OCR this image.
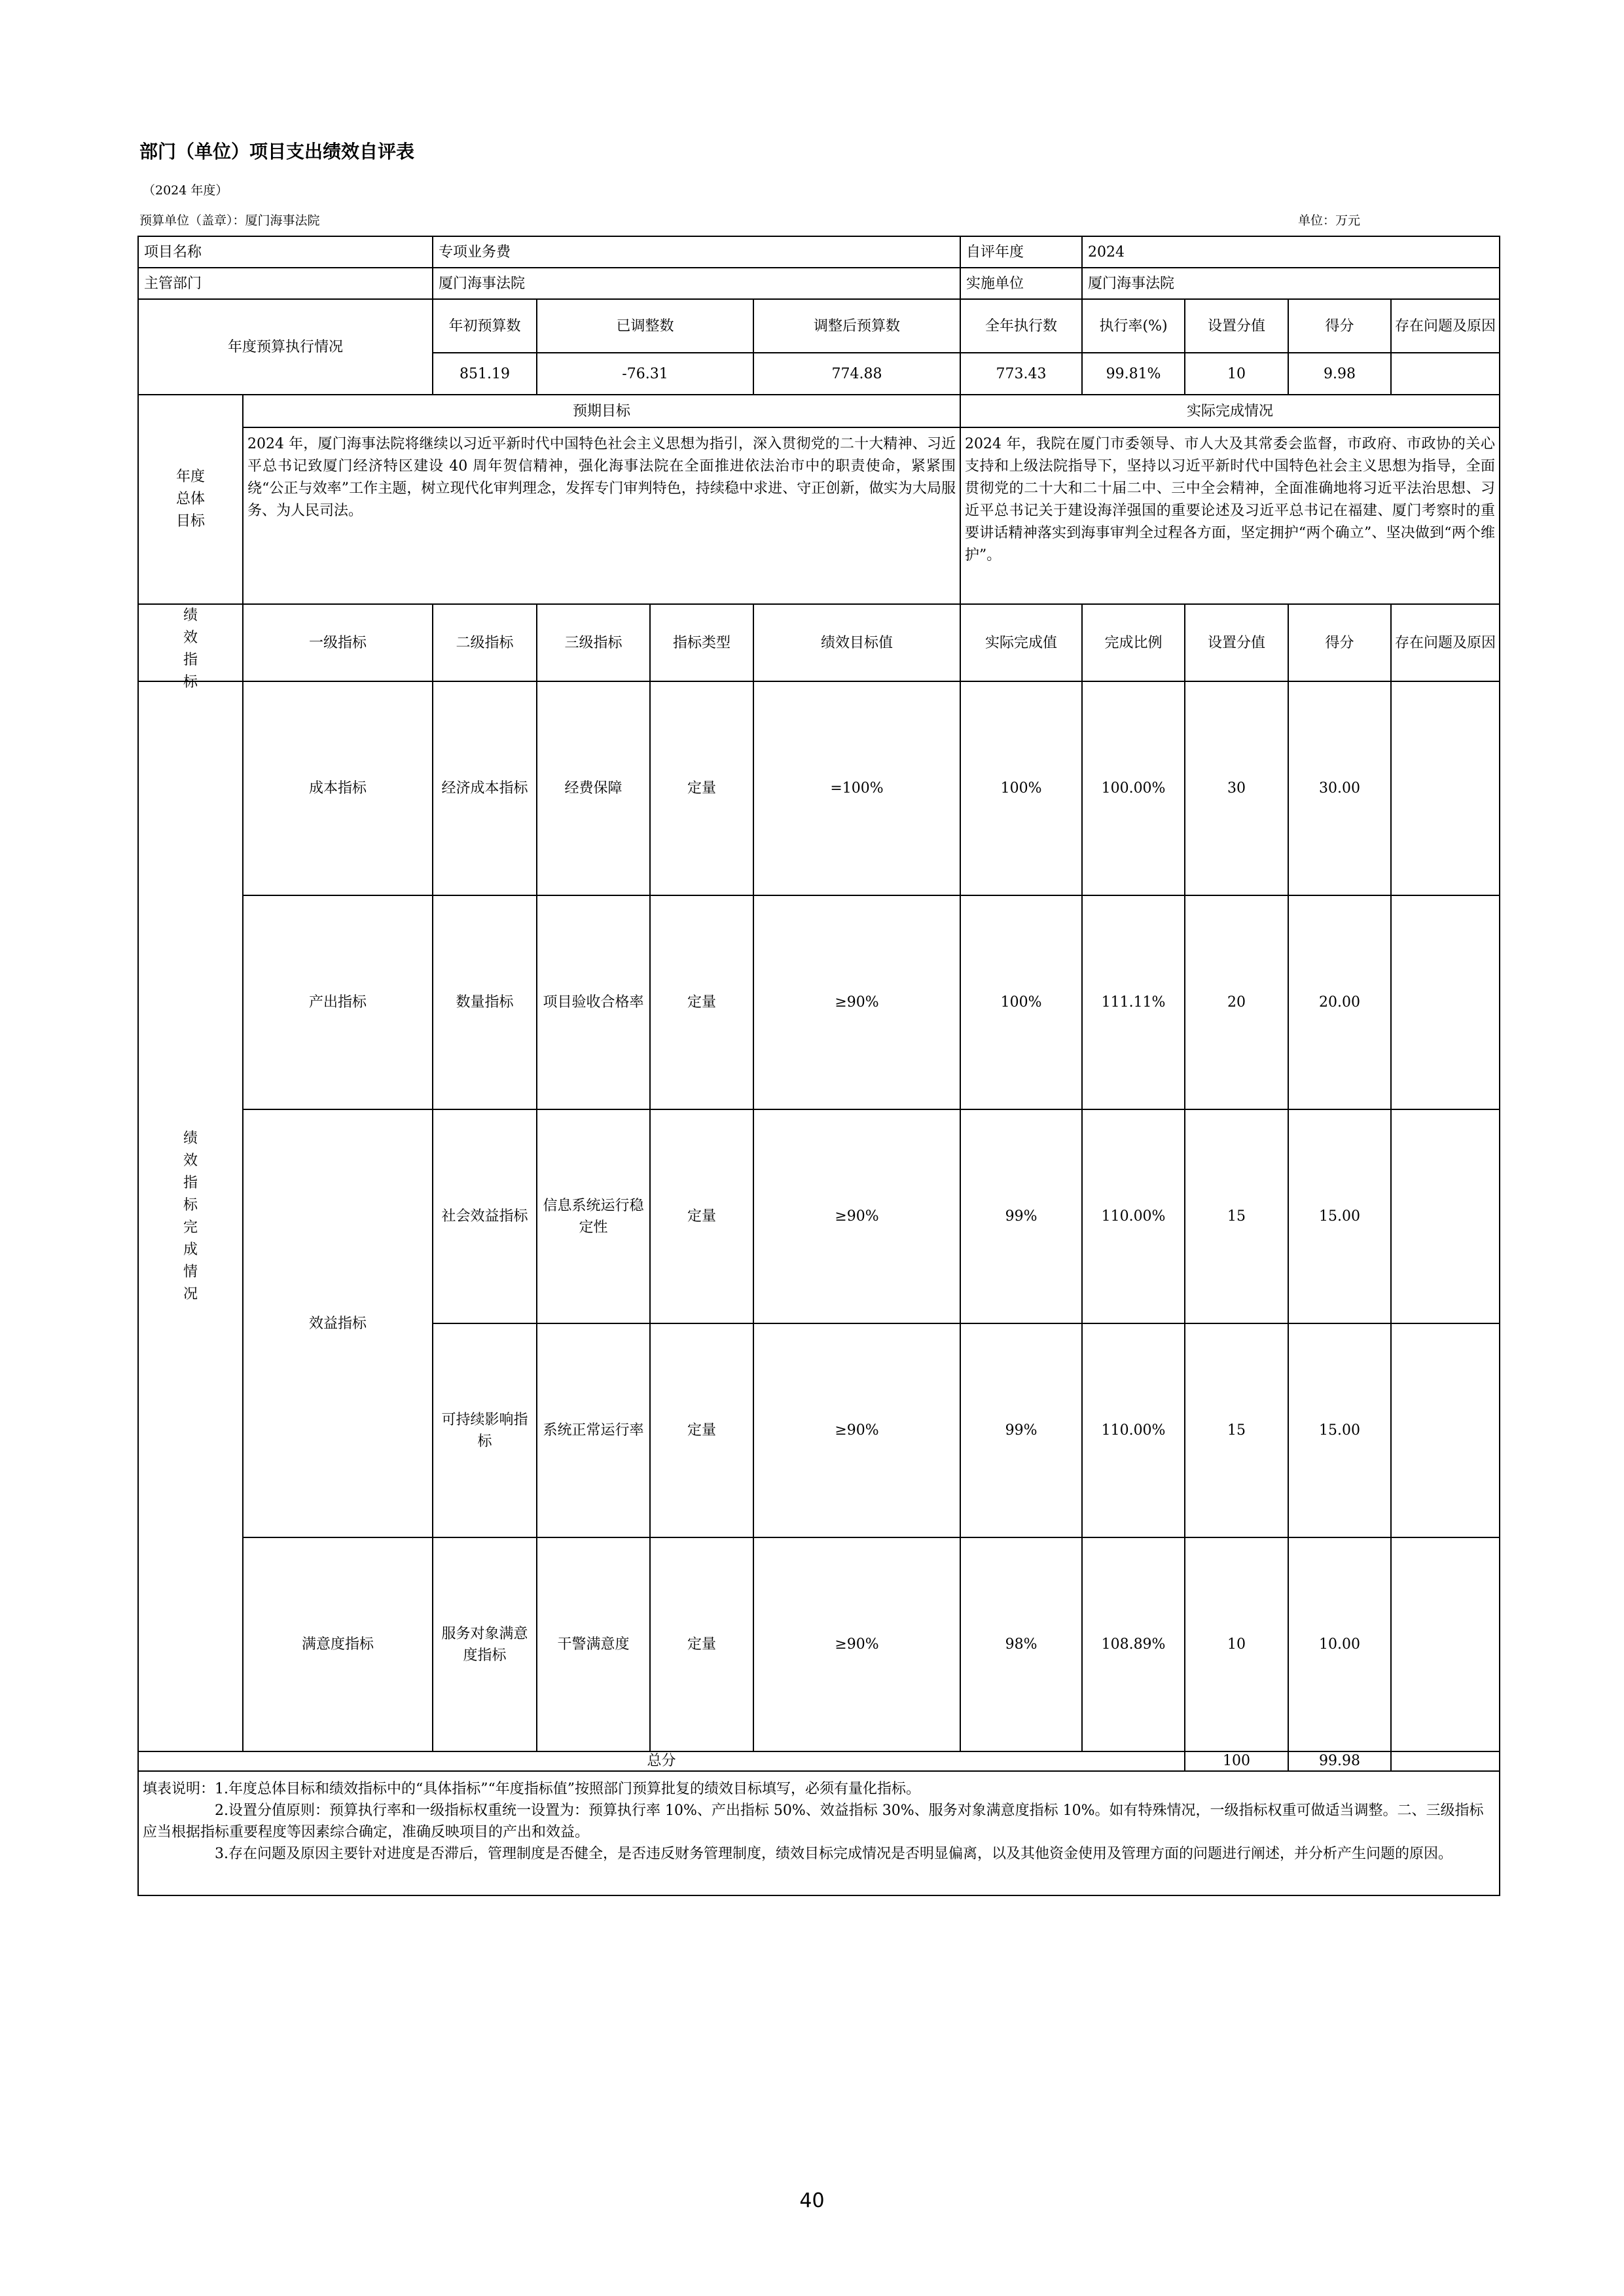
部门（单位）项目支出绩效自评表
（2024 年度）
预算单位（盖章）：厦门海事法院	单位：万元
项目名称		专项业务费				自评年度	2024			
主管部门		厦门海事法院				实施单位	厦门海事法院			
年度预算执行情况		年初预算数	已调整数		调整后预算数	全年执行数	执行率(%)	设置分值	得分	存在问题及原因
		851.19	-76.31		774.88	773.43	99.81%	10	9.98	

年度总体目标	预期目标					实际完成情况				
	2024 年，厦门海事法院将继续以习近平新时代中国特色社会主义思想为指引，深入贯彻党的二十大精神、习近平总书记致厦门经济特区建设 40 周年贺信精神，强化海事法院在全面推进依法治市中的职责使命，紧紧围绕“公正与效率”工作主题，树立现代化审判理念，发挥专门审判特色，持续稳中求进、守正创新，做实为大局服务、为人民司法。					2024 年，我院在厦门市委领导、市人大及其常委会监督，市政府、市政协的关心支持和上级法院指导下，坚持以习近平新时代中国特色社会主义思想为指导，全面贯彻党的二十大和二十届二中、三中全会精神，全面准确地将习近平法治思想、习近平总书记关于建设海洋强国的重要论述及习近平总书记在福建、厦门考察时的重要讲话精神落实到海事审判全过程各方面，坚定拥护“两个确立”、坚决做到“两个维护”。				

绩效指标	一级指标	二级指标	三级指标	指标类型	绩效目标值	实际完成值	完成比例	设置分值	得分	存在问题及原因

绩效指标完成情况	成本指标	经济成本指标	经费保障	定量	=100%	100%	100.00%	30	30.00	
	产出指标	数量指标	项目验收合格率	定量	≥90%	100%	111.11%	20	20.00	
	效益指标	社会效益指标	信息系统运行稳定性	定量	≥90%	99%	110.00%	15	15.00	
		可持续影响指标	系统正常运行率	定量	≥90%	99%	110.00%	15	15.00	
	满意度指标	服务对象满意度指标	干警满意度	定量	≥90%	98%	108.89%	10	10.00	
总分								100	99.98	

填表说明：1.年度总体目标和绩效指标中的“具体指标”“年度指标值”按照部门预算批复的绩效目标填写，必须有量化指标。

2.设置分值原则：预算执行率和一级指标权重统一设置为：预算执行率 10%、产出指标 50%、效益指标 30%、服务对象满意度指标 10%。如有特殊情况，一级指标权重可做适当调整。二、三级指标应当根据指标重要程度等因素综合确定，准确反映项目的产出和效益。

3.存在问题及原因主要针对进度是否滞后，管理制度是否健全，是否违反财务管理制度，绩效目标完成情况是否明显偏离，以及其他资金使用及管理方面的问题进行阐述，并分析产生问题的原因。										

40
